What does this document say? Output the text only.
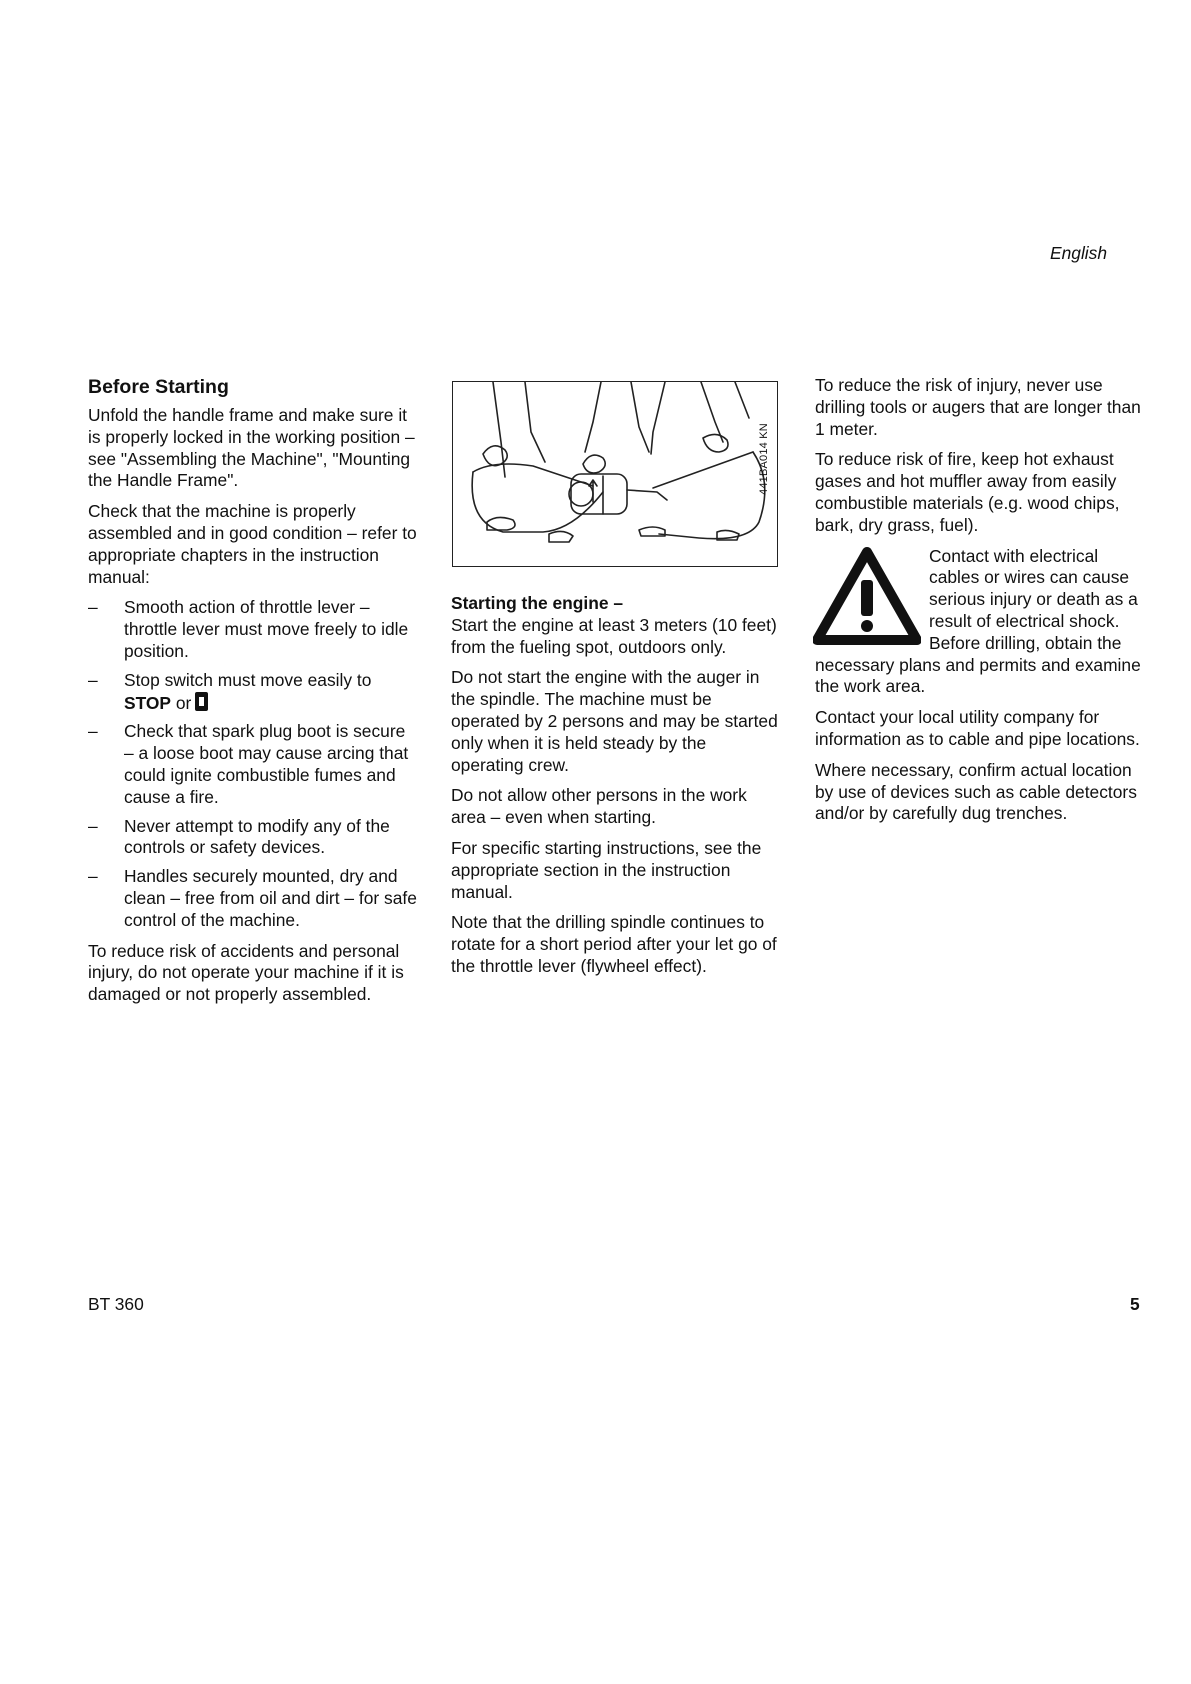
English

Before Starting

Unfold the handle frame and make sure it is properly locked in the working position – see "Assembling the Machine", "Mounting the Handle Frame".

Check that the machine is properly assembled and in good condition – refer to appropriate chapters in the instruction manual:

– Smooth action of throttle lever – throttle lever must move freely to idle position.
– Stop switch must move easily to
STOP or
– Check that spark plug boot is secure – a loose boot may cause arcing that could ignite combustible fumes and cause a fire.
– Never attempt to modify any of the controls or safety devices.
– Handles securely mounted, dry and clean – free from oil and dirt – for safe control of the machine.

To reduce risk of accidents and personal injury, do not operate your machine if it is damaged or not properly assembled.

441BA014 KN

Starting the engine –

Start the engine at least 3 meters (10 feet) from the fueling spot, outdoors only.

Do not start the engine with the auger in the spindle. The machine must be operated by 2 persons and may be started only when it is held steady by the operating crew.

Do not allow other persons in the work area – even when starting.

For specific starting instructions, see the appropriate section in the instruction manual.

Note that the drilling spindle continues to rotate for a short period after your let go of the throttle lever (flywheel effect).

To reduce the risk of injury, never use drilling tools or augers that are longer than 1 meter.

To reduce risk of fire, keep hot exhaust gases and hot muffler away from easily combustible materials (e.g. wood chips, bark, dry grass, fuel).

Contact with electrical cables or wires can cause serious injury or death as a result of electrical shock. Before drilling, obtain the necessary plans and permits and examine the work area.

Contact your local utility company for information as to cable and pipe locations.

Where necessary, confirm actual location by use of devices such as cable detectors and/or by carefully dug trenches.

BT 360	5
